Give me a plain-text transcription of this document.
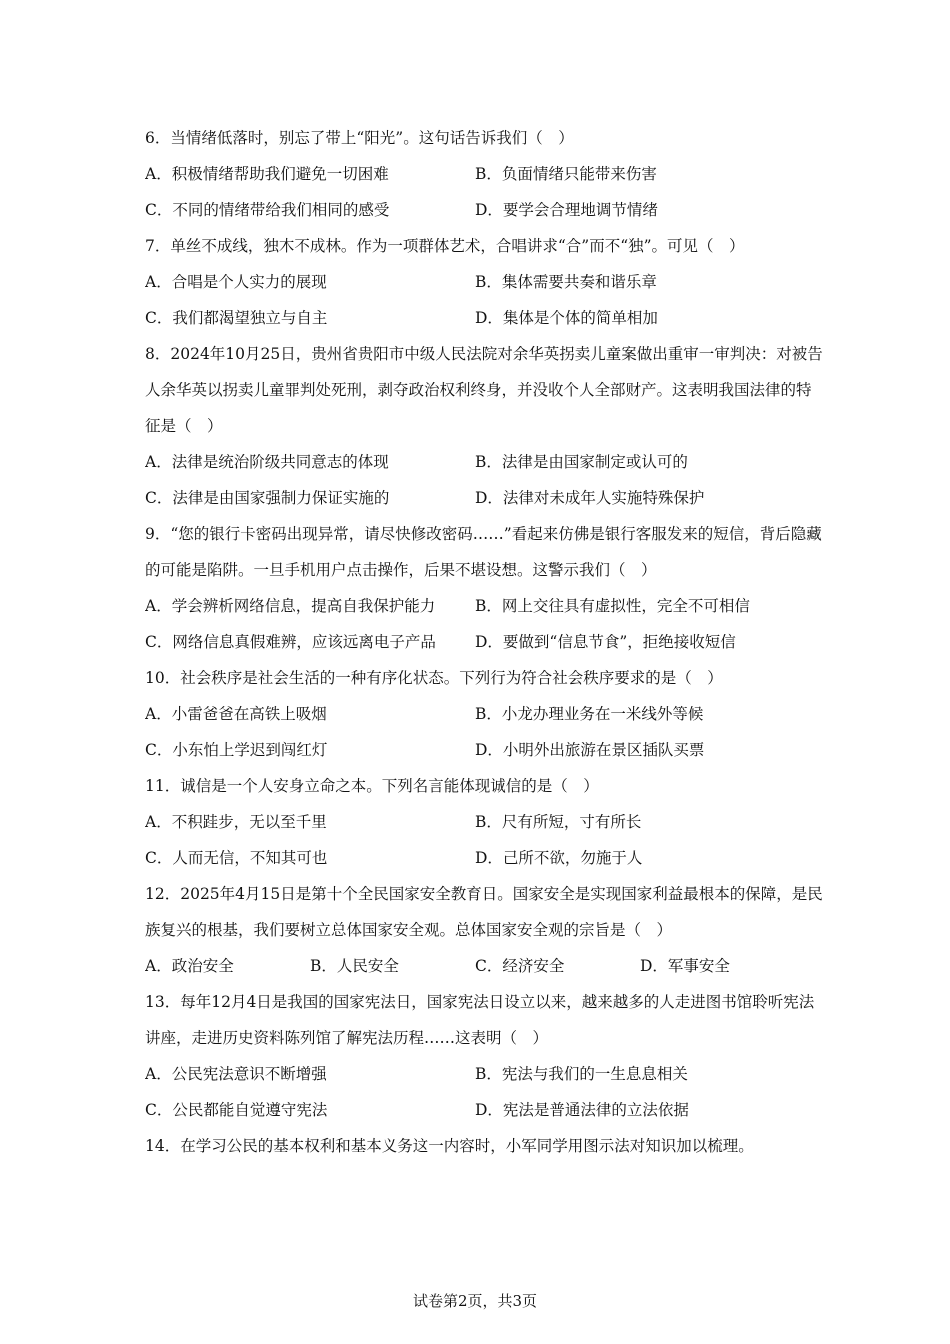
6．当情绪低落时，别忘了带上“阳光”。这句话告诉我们（　）

A．积极情绪帮助我们避免一切困难	B．负面情绪只能带来伤害
C．不同的情绪带给我们相同的感受	D．要学会合理地调节情绪

7．单丝不成线，独木不成林。作为一项群体艺术，合唱讲求“合”而不“独”。可见（　）

A．合唱是个人实力的展现	B．集体需要共奏和谐乐章
C．我们都渴望独立与自主	D．集体是个体的简单相加

8．2024年10月25日，贵州省贵阳市中级人民法院对余华英拐卖儿童案做出重审一审判决：对被告人余华英以拐卖儿童罪判处死刑，剥夺政治权利终身，并没收个人全部财产。这表明我国法律的特征是（　）

A．法律是统治阶级共同意志的体现	B．法律是由国家制定或认可的
C．法律是由国家强制力保证实施的	D．法律对未成年人实施特殊保护

9．“您的银行卡密码出现异常，请尽快修改密码……”看起来仿佛是银行客服发来的短信，背后隐藏的可能是陷阱。一旦手机用户点击操作，后果不堪设想。这警示我们（　）

A．学会辨析网络信息，提高自我保护能力	B．网上交往具有虚拟性，完全不可相信
C．网络信息真假难辨，应该远离电子产品	D．要做到“信息节食”，拒绝接收短信

10．社会秩序是社会生活的一种有序化状态。下列行为符合社会秩序要求的是（　）

A．小雷爸爸在高铁上吸烟	B．小龙办理业务在一米线外等候
C．小东怕上学迟到闯红灯	D．小明外出旅游在景区插队买票

11．诚信是一个人安身立命之本。下列名言能体现诚信的是（　）

A．不积跬步，无以至千里	B．尺有所短，寸有所长
C．人而无信，不知其可也	D．己所不欲，勿施于人

12．2025年4月15日是第十个全民国家安全教育日。国家安全是实现国家利益最根本的保障，是民族复兴的根基，我们要树立总体国家安全观。总体国家安全观的宗旨是（　）

A．政治安全	B．人民安全	C．经济安全	D．军事安全

13．每年12月4日是我国的国家宪法日，国家宪法日设立以来，越来越多的人走进图书馆聆听宪法讲座，走进历史资料陈列馆了解宪法历程……这表明（　）

A．公民宪法意识不断增强	B．宪法与我们的一生息息相关
C．公民都能自觉遵守宪法	D．宪法是普通法律的立法依据

14．在学习公民的基本权利和基本义务这一内容时，小军同学用图示法对知识加以梳理。

试卷第2页，共3页
